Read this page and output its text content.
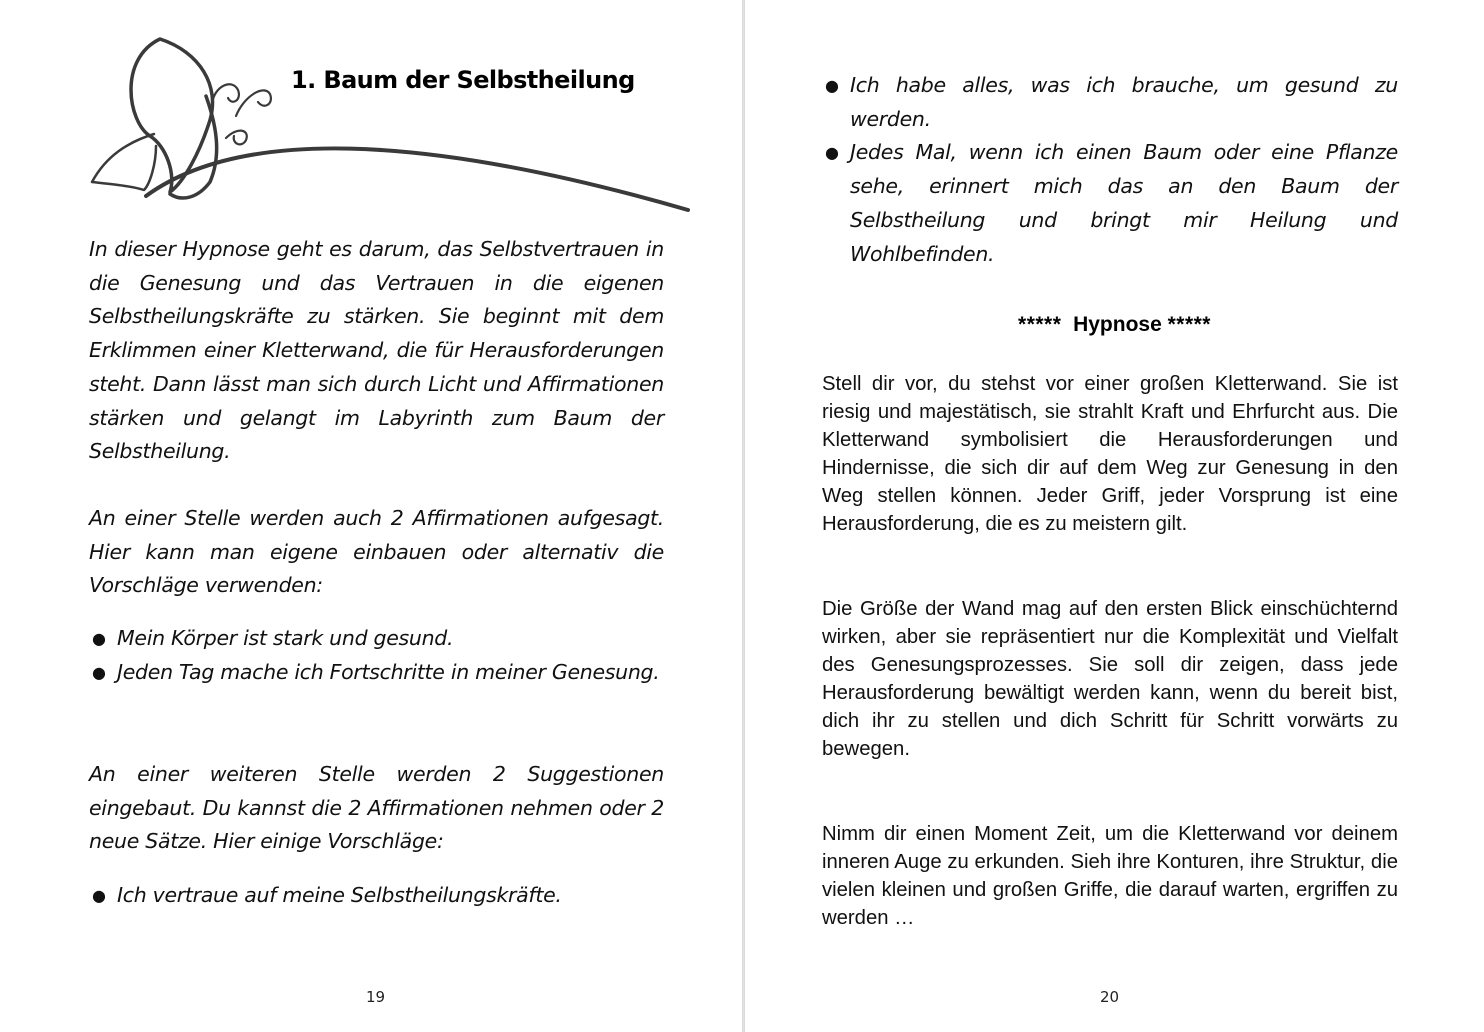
1. Baum der Selbstheilung

In dieser Hypnose geht es darum, das Selbstvertrauen in die Genesung und das Vertrauen in die eigenen Selbstheilungskräfte zu stärken. Sie beginnt mit dem Erklimmen einer Kletterwand, die für Herausforderungen steht. Dann lässt man sich durch Licht und Affirmationen stärken und gelangt im Labyrinth zum Baum der Selbstheilung.

An einer Stelle werden auch 2 Affirmationen aufgesagt. Hier kann man eigene einbauen oder alternativ die Vorschläge verwenden:

● Mein Körper ist stark und gesund.
● Jeden Tag mache ich Fortschritte in meiner Genesung.

An einer weiteren Stelle werden 2 Suggestionen eingebaut. Du kannst die 2 Affirmationen nehmen oder 2 neue Sätze. Hier einige Vorschläge:

● Ich vertraue auf meine Selbstheilungskräfte.
19
● Ich habe alles, was ich brauche, um gesund zu werden.
● Jedes Mal, wenn ich einen Baum oder eine Pflanze sehe, erinnert mich das an den Baum der Selbstheilung und bringt mir Heilung und Wohlbefinden.
***** Hypnose *****

Stell dir vor, du stehst vor einer großen Kletterwand. Sie ist riesig und majestätisch, sie strahlt Kraft und Ehrfurcht aus. Die Kletterwand symbolisiert die Herausforderungen und Hindernisse, die sich dir auf dem Weg zur Genesung in den Weg stellen können. Jeder Griff, jeder Vorsprung ist eine Herausforderung, die es zu meistern gilt.

Die Größe der Wand mag auf den ersten Blick einschüchternd wirken, aber sie repräsentiert nur die Komplexität und Vielfalt des Genesungsprozesses. Sie soll dir zeigen, dass jede Herausforderung bewältigt werden kann, wenn du bereit bist, dich ihr zu stellen und dich Schritt für Schritt vorwärts zu bewegen.

Nimm dir einen Moment Zeit, um die Kletterwand vor deinem inneren Auge zu erkunden. Sieh ihre Konturen, ihre Struktur, die vielen kleinen und großen Griffe, die darauf warten, ergriffen zu werden …

20
